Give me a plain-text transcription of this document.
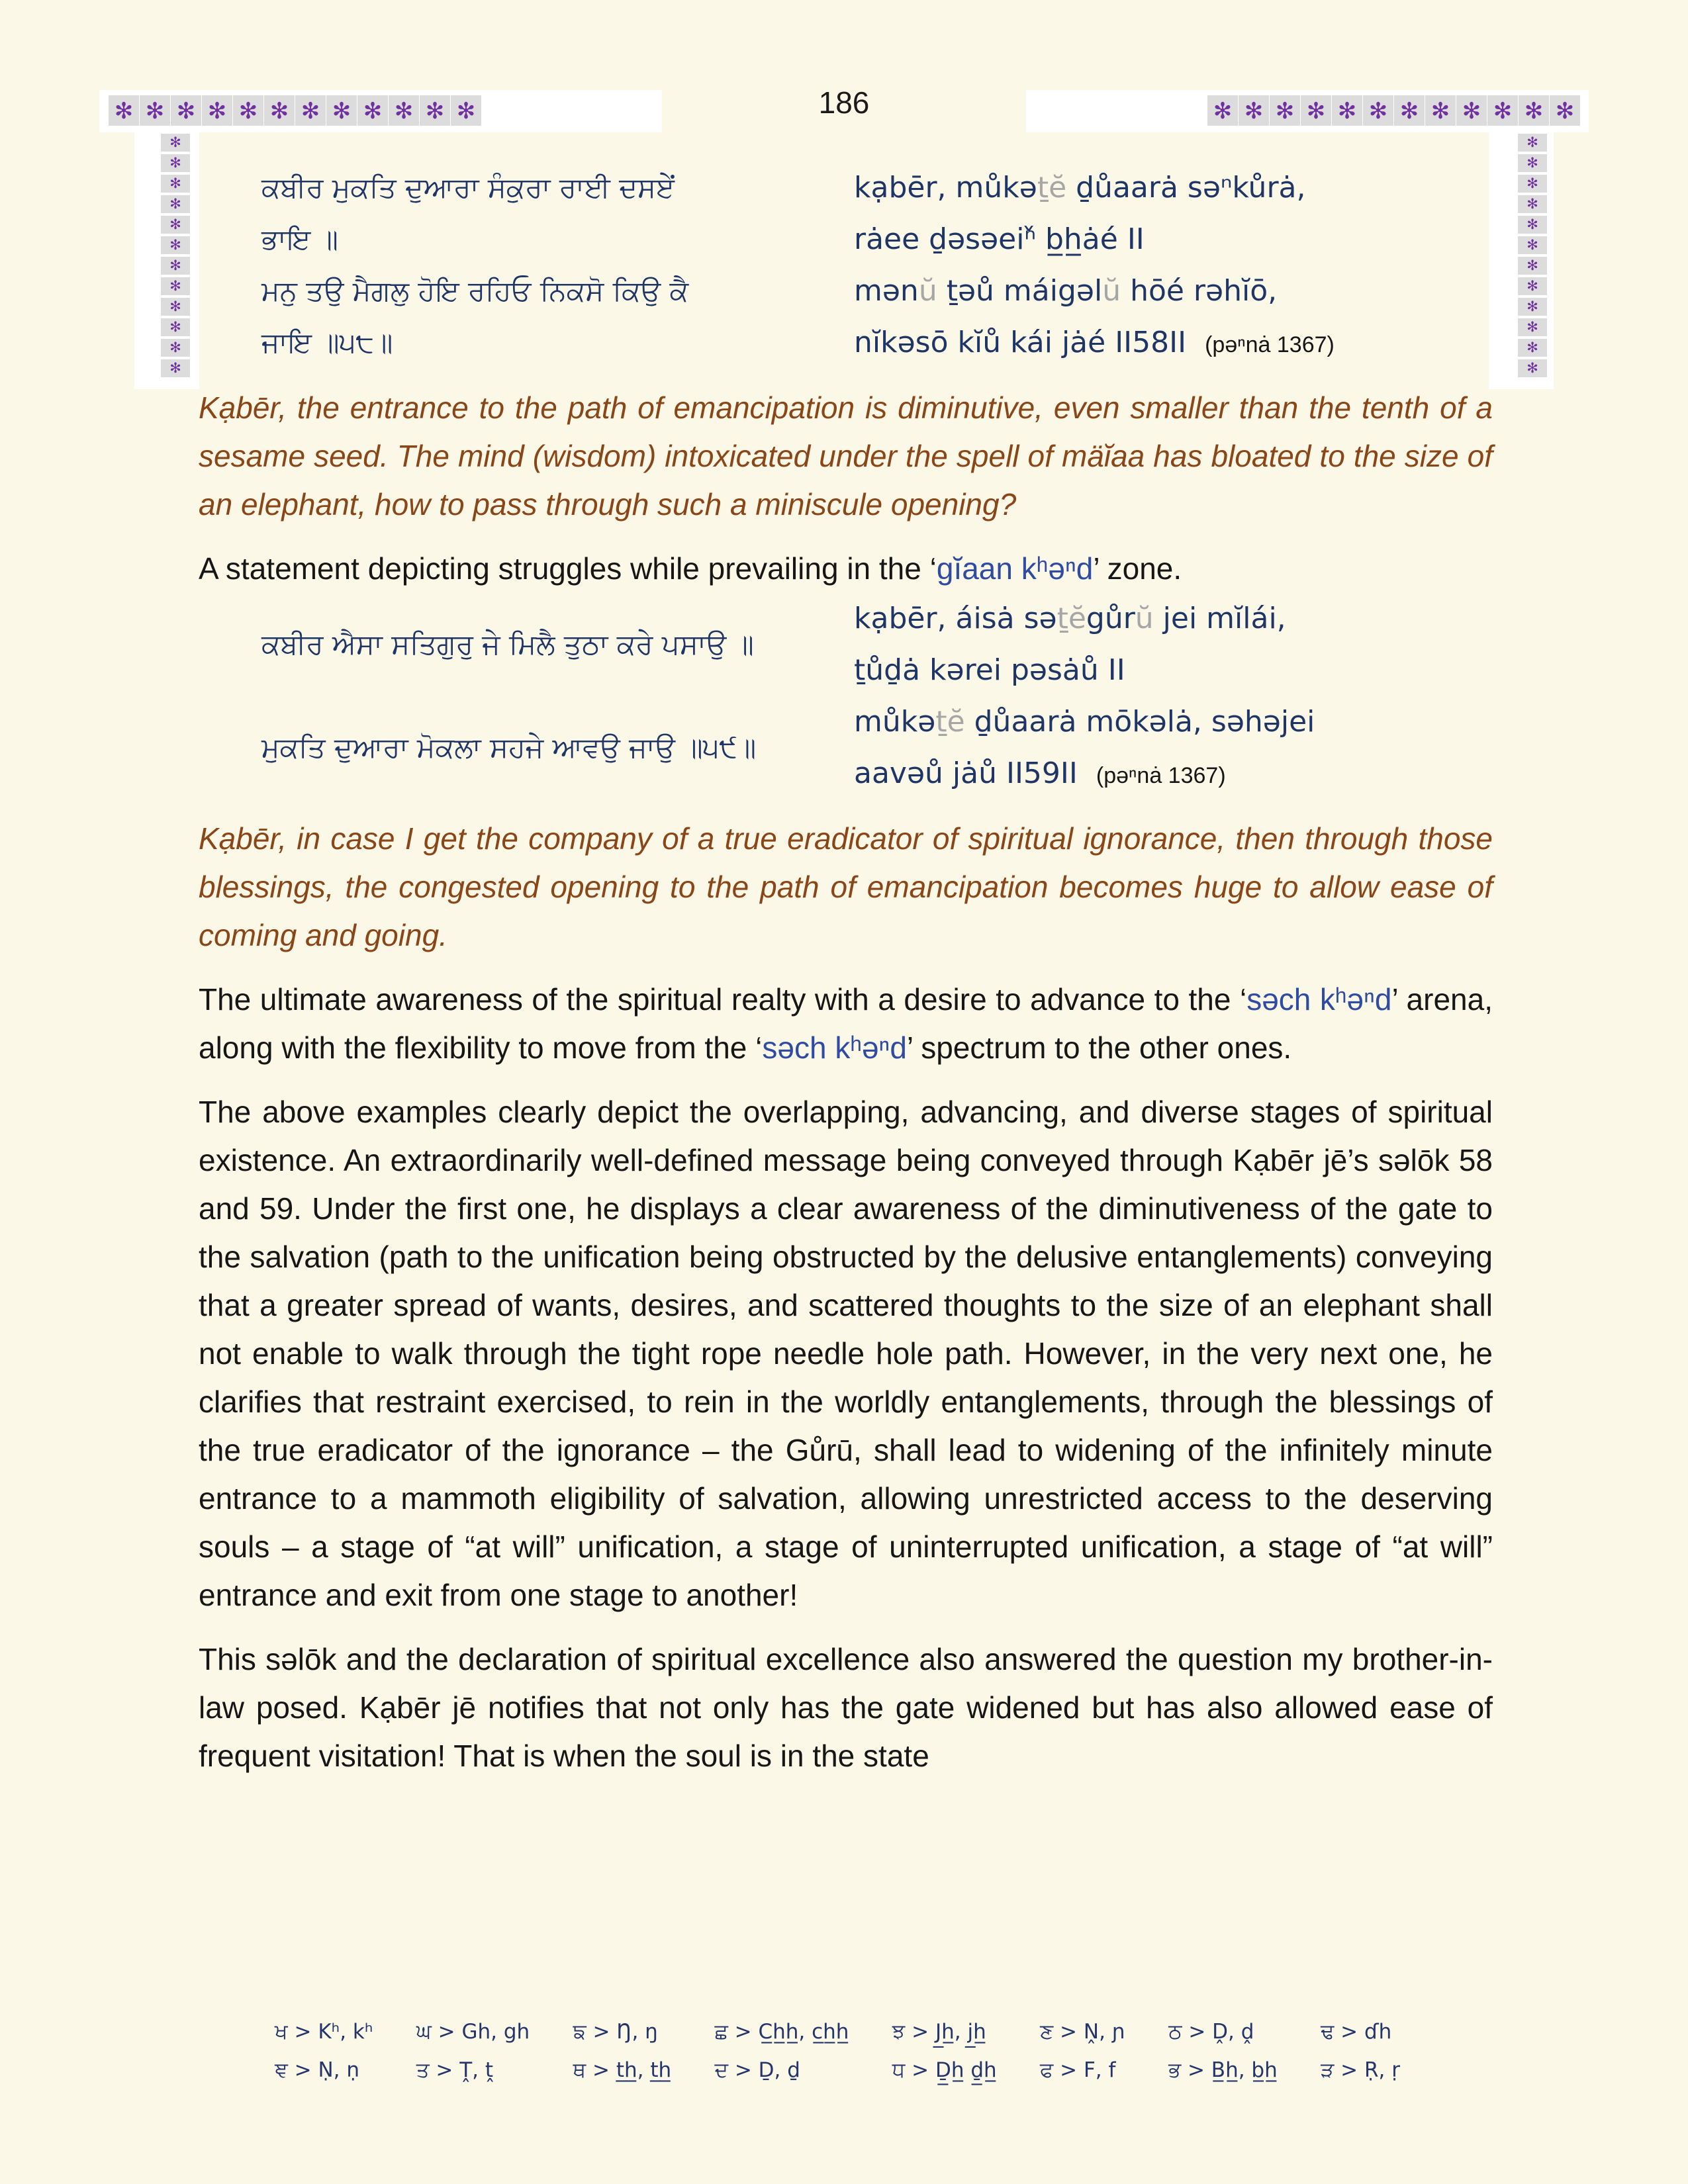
✻ ✻ ✻ ✻ ✻ ✻ ✻ ✻ ✻ ✻ ✻ ✻	✻ ✻ ✻ ✻ ✻ ✻ ✻ ✻ ✻ ✻ ✻ ✻
✻
✻
✻
✻
✻
✻
✻
✻
✻
✻
✻
✻
✻
✻
✻
✻
✻
✻
✻
✻
✻
✻
✻
✻
186
ਕਬੀਰ ਮੁਕਤਿ ਦੁਆਰਾ ਸੰਕੁਰਾ ਰਾਈ ਦਸਏਂ
ਭਾਇ ॥
ਮਨੁ ਤਉ ਮੈਗਲੁ ਹੋਇ ਰਹਿਓ ਨਿਕਸੋ ਕਿਉ ਕੈ
ਜਾਇ ॥੫੮॥
kạbēr, můkəṯĕ ḏůaarȧ səⁿkůrȧ,
rȧee ḏəsəeiⁿ̌ b̲h̲ȧé II
mənŭ ṯəů máigəlŭ hōé rəhĭō,
nĭkəsō kĭů kái jȧé II58II (pəⁿnȧ 1367)

Kạbēr, the entrance to the path of emancipation is diminutive, even smaller than the tenth of a sesame seed. The mind (wisdom) intoxicated under the spell of mäĭaa has bloated to the size of an elephant, how to pass through such a miniscule opening?

A statement depicting struggles while prevailing in the ‘gĭaan kʰəⁿd’ zone.

ਕਬੀਰ ਐਸਾ ਸਤਿਗੁਰੁ ਜੇ ਮਿਲੈ ਤੁਠਾ ਕਰੇ ਪਸਾਉ ॥
ਮੁਕਤਿ ਦੁਆਰਾ ਮੋਕਲਾ ਸਹਜੇ ਆਵਉ ਜਾਉ ॥੫੯॥
kạbēr, áisȧ səṯĕgůrŭ jei mĭlái,
ṯůḏȧ kərei pəsȧů II
můkəṯĕ ḏůaarȧ mōkəlȧ, səhəjei
aavəů jȧů II59II (pəⁿnȧ 1367)

Kạbēr, in case I get the company of a true eradicator of spiritual ignorance, then through those blessings, the congested opening to the path of emancipation becomes huge to allow ease of coming and going.

The ultimate awareness of the spiritual realty with a desire to advance to the ‘səch kʰəⁿd’ arena, along with the flexibility to move from the ‘səch kʰəⁿd’ spectrum to the other ones.

The above examples clearly depict the overlapping, advancing, and diverse stages of spiritual existence. An extraordinarily well-defined message being conveyed through Kạbēr jē’s səlōk 58 and 59. Under the first one, he displays a clear awareness of the diminutiveness of the gate to the salvation (path to the unification being obstructed by the delusive entanglements) conveying that a greater spread of wants, desires, and scattered thoughts to the size of an elephant shall not enable to walk through the tight rope needle hole path. However, in the very next one, he clarifies that restraint exercised, to rein in the worldly entanglements, through the blessings of the true eradicator of the ignorance – the Gůrū, shall lead to widening of the infinitely minute entrance to a mammoth eligibility of salvation, allowing unrestricted access to the deserving souls – a stage of “at will” unification, a stage of uninterrupted unification, a stage of “at will” entrance and exit from one stage to another!

This səlōk and the declaration of spiritual excellence also answered the question my brother-in-law posed. Kạbēr jē notifies that not only has the gate widened but has also allowed ease of frequent visitation! That is when the soul is in the state

ਖ > Kʰ, kʰ ਘ > Gh, gh ਙ > Ŋ, ŋ	ਛ > C̲h̲h̲, c̲h̲h̲ ਝ > J̲h̲, j̲h̲	ਣ > Ṋ, ɲ ਠ > Ḓ, ḓ	ਢ > ɗh
ਞ > Ṇ, ṇ	ਤ > Ṱ, ṱ	ਥ > t̲h̲, t̲h̲ ਦ > Ḏ, ḏ	ਧ > Ḏ̲h̲ ḏ̲h̲ ਫ > F, f	ਭ > B̲h̲, b̲h̲ ੜ > Ṛ, ṛ
